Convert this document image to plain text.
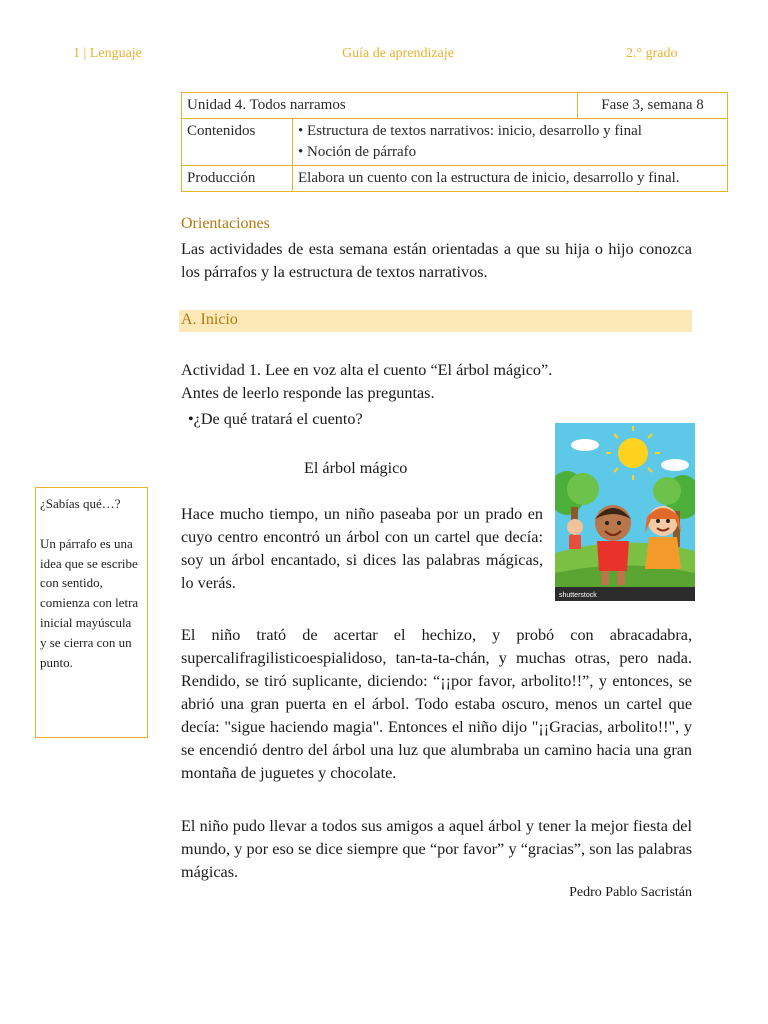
1 | Lenguaje	Guía de aprendizaje	2.° grado
Unidad 4. Todos narramos		Fase 3, semana 8
Contenidos	• Estructura de textos narrativos: inicio, desarrollo y final
• Noción de párrafo	

Producción	Elabora un cuento con la estructura de inicio, desarrollo y final.	
Orientaciones
Las actividades de esta semana están orientadas a que su hija o hijo conozca los párrafos y la estructura de textos narrativos.
A. Inicio
Actividad 1. Lee en voz alta el cuento “El árbol mágico”.
Antes de leerlo responde las preguntas.
•¿De qué tratará el cuento?
El árbol mágico
shutterstock
Hace mucho tiempo, un niño paseaba por un prado en cuyo centro encontró un árbol con un cartel que decía: soy un árbol encantado, si dices las palabras mágicas, lo verás.
El niño trató de acertar el hechizo, y probó con abracadabra, supercalifragilisticoespialidoso, tan-ta-ta-chán, y muchas otras, pero nada. Rendido, se tiró suplicante, diciendo: “¡¡por favor, arbolito!!”, y entonces, se abrió una gran puerta en el árbol. Todo estaba oscuro, menos un cartel que decía: "sigue haciendo magia". Entonces el niño dijo "¡¡Gracias, arbolito!!", y se encendió dentro del árbol una luz que alumbraba un camino hacia una gran montaña de juguetes y chocolate.
El niño pudo llevar a todos sus amigos a aquel árbol y tener la mejor fiesta del mundo, y por eso se dice siempre que “por favor” y “gracias”, son las palabras mágicas.
Pedro Pablo Sacristán

¿Sabías qué…?

Un párrafo es una idea que se escribe con sentido, comienza con letra inicial mayúscula y se cierra con un punto.
